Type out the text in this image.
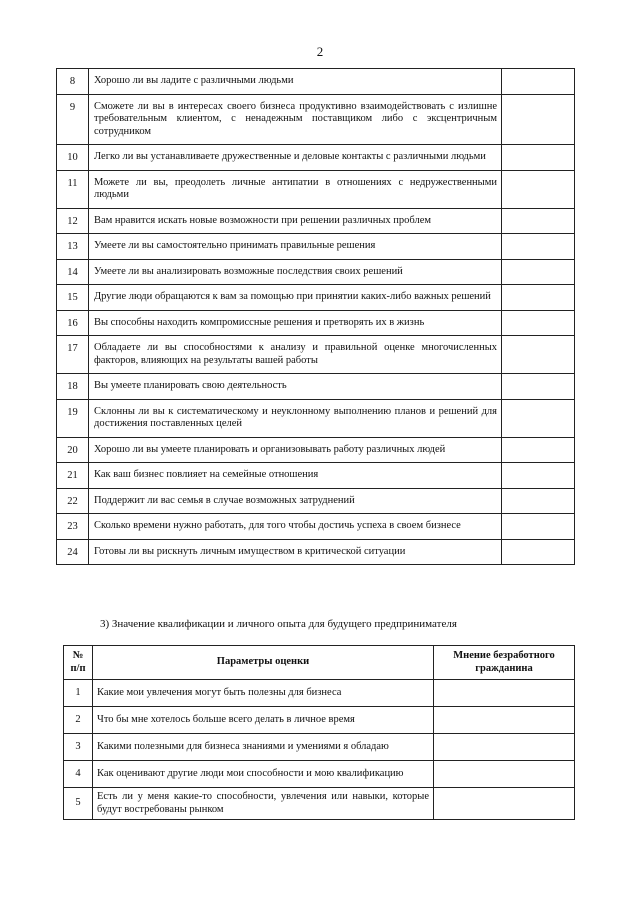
2
8	Хорошо ли вы ладите с различными людьми	
9	Сможете ли вы в интересах своего бизнеса продуктивно взаимодействовать с излишне требовательным клиентом, с ненадежным поставщиком либо с эксцентричным сотрудником	
10	Легко ли вы устанавливаете дружественные и деловые контакты с различными людьми	
11	Можете ли вы, преодолеть личные антипатии в отношениях с недружественными людьми	
12	Вам нравится искать новые возможности при решении различных проблем	
13	Умеете ли вы самостоятельно принимать правильные решения	
14	Умеете ли вы анализировать возможные последствия своих решений	
15	Другие люди обращаются к вам за помощью при принятии каких-либо важных решений	
16	Вы способны находить компромиссные решения и претворять их в жизнь	
17	Обладаете ли вы способностями к анализу и правильной оценке многочисленных факторов, влияющих на результаты вашей работы	
18	Вы умеете планировать свою деятельность	
19	Склонны ли вы к систематическому и неуклонному выполнению планов и решений для достижения поставленных целей	
20	Хорошо ли вы умеете планировать и организовывать работу различных людей	
21	Как ваш бизнес повлияет на семейные отношения	
22	Поддержит ли вас семья в случае возможных затруднений	
23	Сколько времени нужно работать, для того чтобы достичь успеха в своем бизнесе	
24	Готовы ли вы рискнуть личным имуществом в критической ситуации	
3) Значение квалификации и личного опыта для будущего предпринимателя
№ п/п	Параметры оценки	Мнение безработного гражданина
1	Какие мои увлечения могут быть полезны для бизнеса	
2	Что бы мне хотелось больше всего делать в личное время	
3	Какими полезными для бизнеса знаниями и умениями я обладаю	
4	Как оценивают другие люди мои способности и мою квалификацию	
5	Есть ли у меня какие-то способности, увлечения или навыки, которые будут востребованы рынком	
